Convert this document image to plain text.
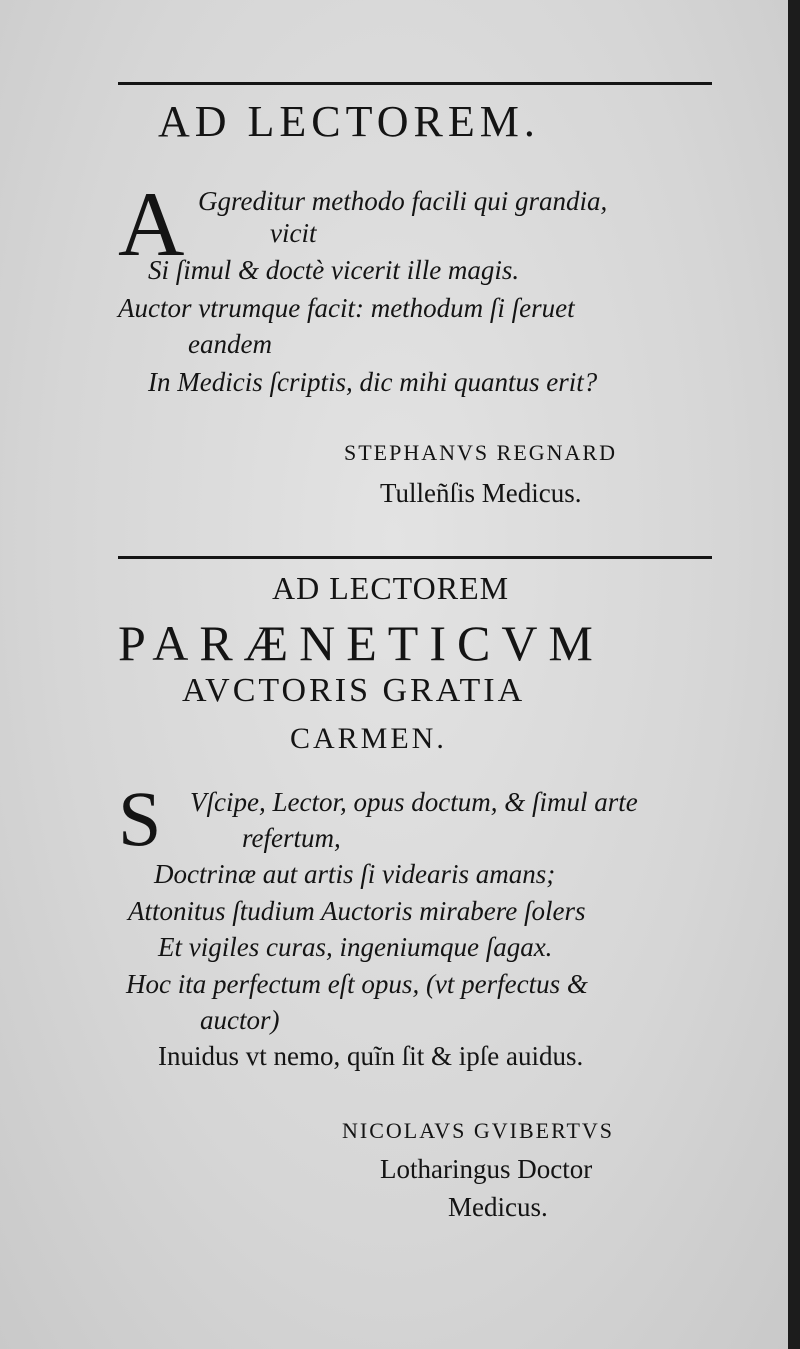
AD LECTOREM.
A Ggreditur methodo facili qui grandia,
vicit
Si ſimul & doctè vicerit ille magis.
Auctor vtrumque facit: methodum ſi ſeruet
eandem
In Medicis ſcriptis, dic mihi quantus erit?
STEPHANVS REGNARD
Tulleñſis Medicus.
AD LECTOREM
PARÆNETICVM
AVCTORIS GRATIA
CARMEN.
S Vſcipe, Lector, opus doctum, & ſimul arte
refertum,
Doctrinæ aut artis ſi videaris amans;
Attonitus ſtudium Auctoris mirabere ſolers
Et vigiles curas, ingeniumque ſagax.
Hoc ita perfectum eſt opus, (vt perfectus &
auctor)
Inuidus vt nemo, quĩn ſit & ipſe auidus.
NICOLAVS GVIBERTVS
Lotharingus Doctor
Medicus.
